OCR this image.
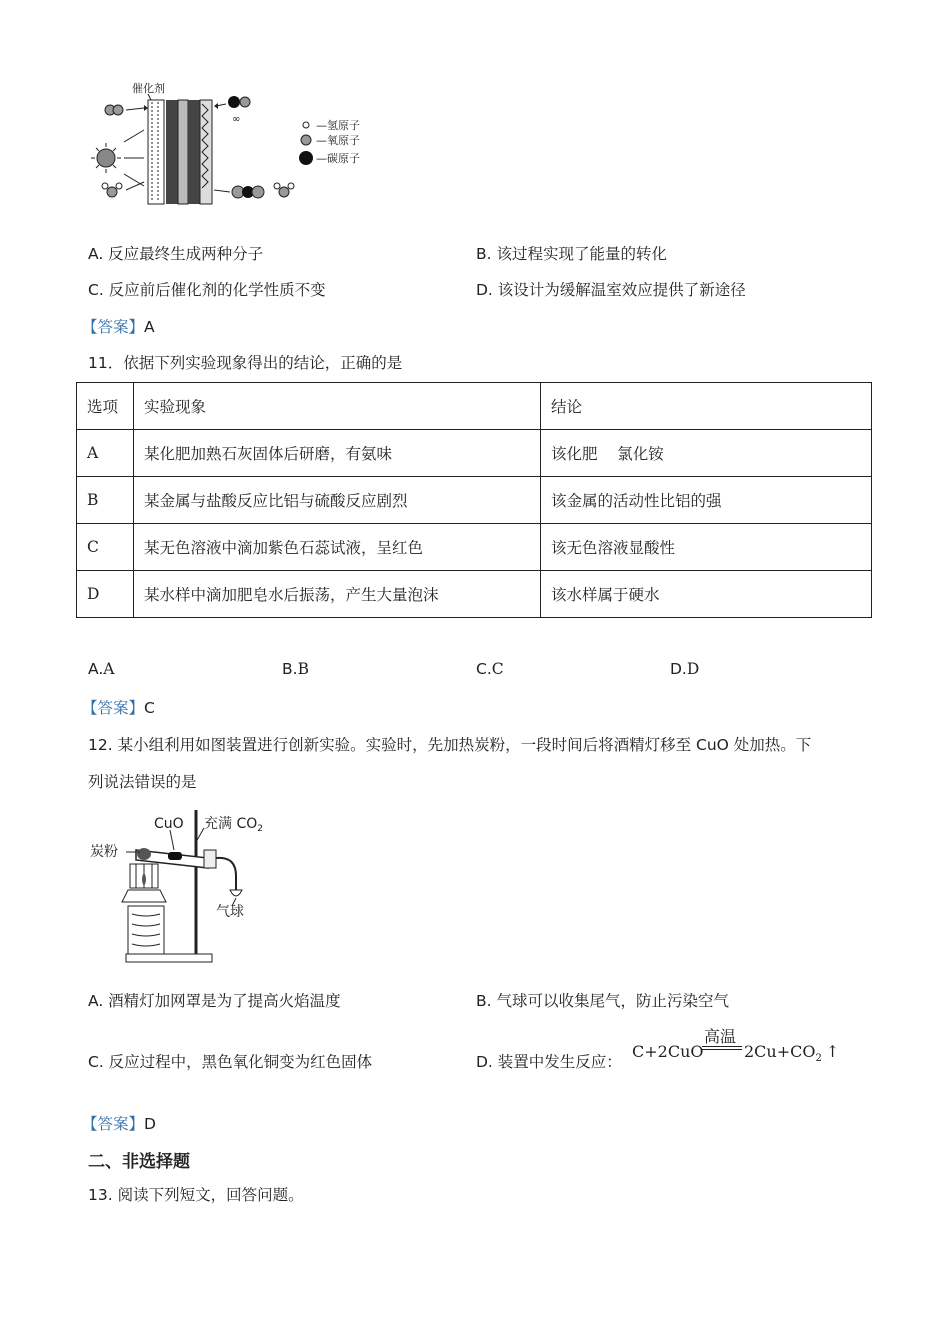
催化剂
∞	—氢原子
—氧原子
—碳原子
A. 反应最终生成两种分子	B. 该过程实现了能量的转化
C. 反应前后催化剂的化学性质不变	D. 该设计为缓解温室效应提供了新途径
【答案】A
11．依据下列实验现象得出的结论，正确的是
选项	实验现象	结论
A	某化肥加熟石灰固体后研磨，有氨味	该化肥    氯化铵
B	某金属与盐酸反应比铝与硫酸反应剧烈	该金属的活动性比铝的强
C	某无色溶液中滴加紫色石蕊试液，呈红色	该无色溶液显酸性
D	某水样中滴加肥皂水后振荡，产生大量泡沫	该水样属于硬水
A.A	B.B	C.C	D.D
【答案】C
12. 某小组利用如图装置进行创新实验。实验时，先加热炭粉，一段时间后将酒精灯移至 CuO 处加热。下
列说法错误的是
CuO 充满 $CO_2$
炭粉
气球
A. 酒精灯加网罩是为了提高火焰温度	B. 气球可以收集尾气，防止污染空气
C. 反应过程中，黑色氧化铜变为红色固体	D. 装置中发生反应：
C+2CuO
高温
$2Cu+CO_2$ ↑
【答案】D
二、非选择题
13. 阅读下列短文，回答问题。
